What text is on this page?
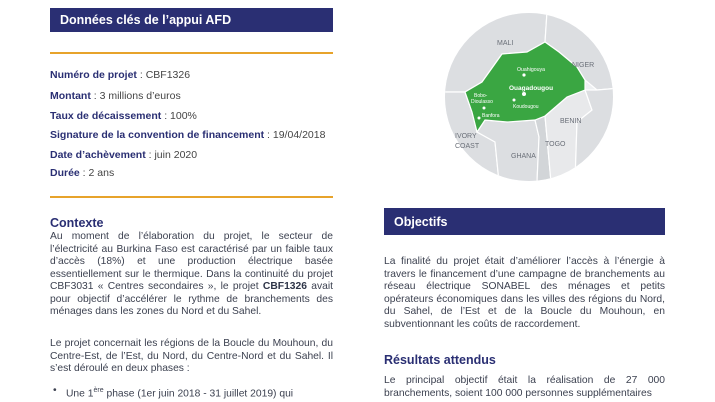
Données clés de l’appui AFD
Numéro de projet : CBF1326
Montant : 3 millions d’euros
Taux de décaissement : 100%
Signature de la convention de financement : 19/04/2018
Date d’achèvement : juin 2020
Durée : 2 ans
Contexte
Au moment de l’élaboration du projet, le secteur de l’électricité au Burkina Faso est caractérisé par un faible taux d’accès (18%) et une production électrique basée essentiellement sur le thermique. Dans la continuité du projet CBF3031 « Centres secondaires », le projet CBF1326 avait pour objectif d’accélérer le rythme de branchements des ménages dans les zones du Nord et du Sahel.
Le projet concernait les régions de la Boucle du Mouhoun, du Centre-Est, de l’Est, du Nord, du Centre-Nord et du Sahel. Il s’est déroulé en deux phases :
• Une 1ère phase (1er juin 2018 - 31 juillet 2019) qui
MALI
NIGER
BENIN
TOGO
GHANA
IVORY
COAST
Ouahigouya
Ouagadougou
Koudougou
Bobo-
Dioulasso
Banfora
Objectifs
La finalité du projet était d’améliorer l’accès à l’énergie à travers le financement d’une campagne de branchements au réseau électrique SONABEL des ménages et petits opérateurs économiques dans les villes des régions du Nord, du Sahel, de l’Est et de la Boucle du Mouhoun, en subventionnant les coûts de raccordement.
Résultats attendus
Le principal objectif était la réalisation de 27 000 branchements, soient 100 000 personnes supplémentaires
